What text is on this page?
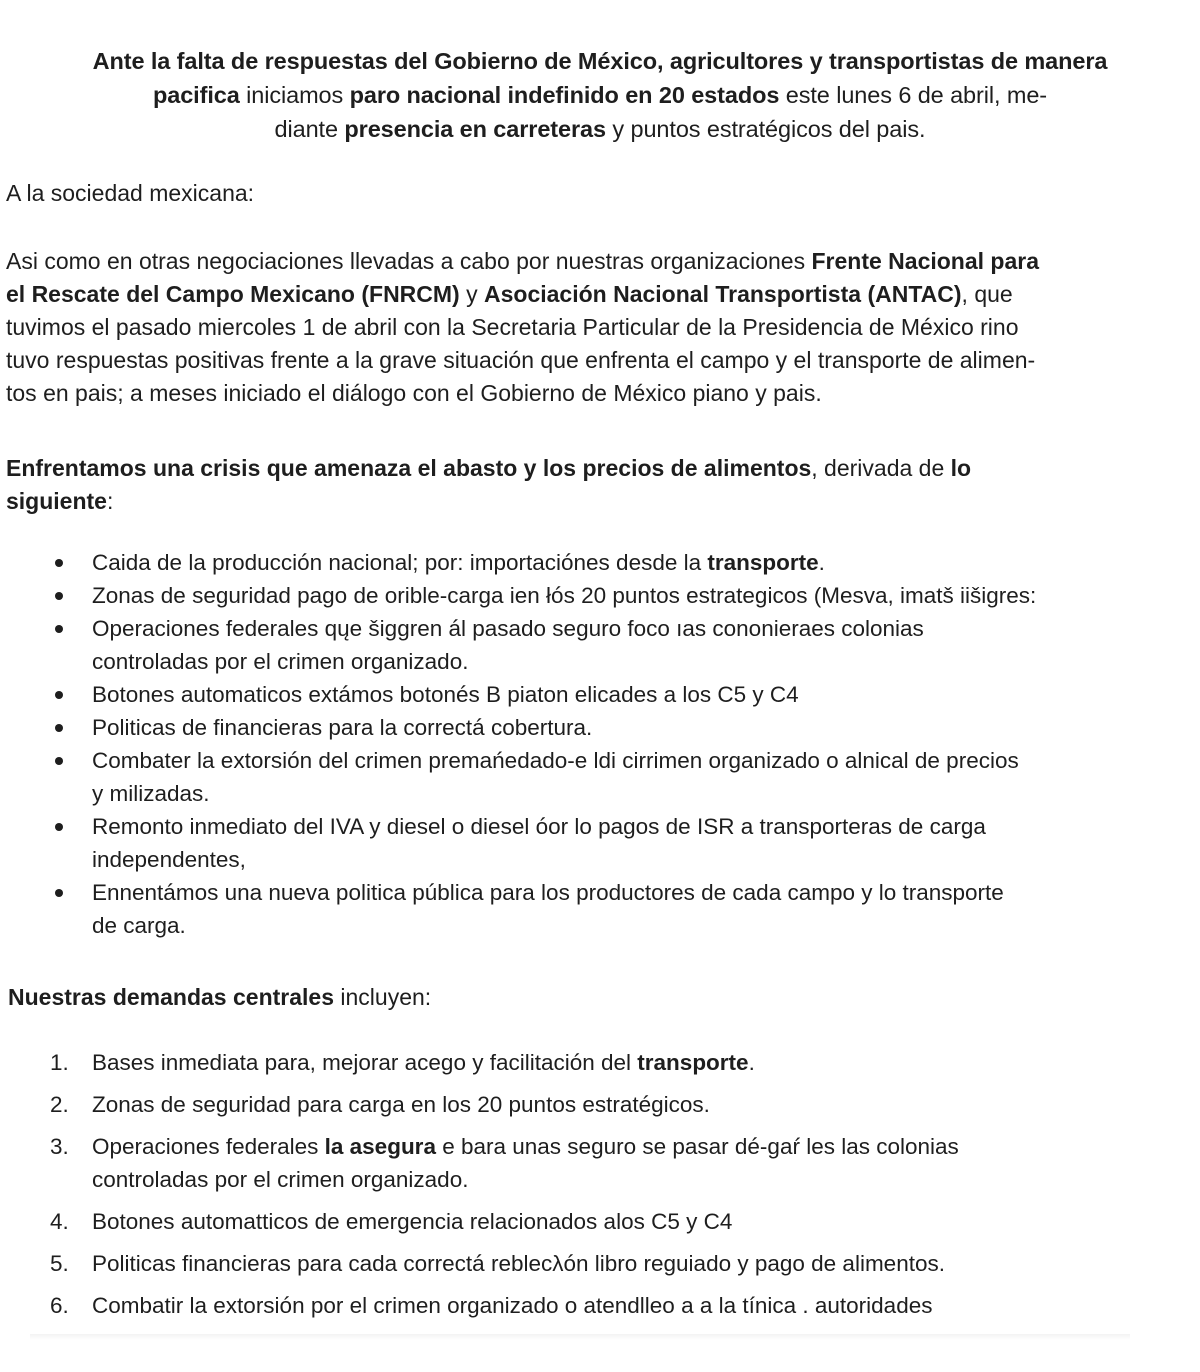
Ante la falta de respuestas del Gobierno de México, agricultores y transportistas de manera
pacifica iniciamos paro nacional indefinido en 20 estados este lunes 6 de abril, me-
diante presencia en carreteras y puntos estratégicos del pais.
A la sociedad mexicana:
Asi como en otras negociaciones llevadas a cabo por nuestras organizaciones Frente Nacional para
el Rescate del Campo Mexicano (FNRCM) y Asociación Nacional Transportista (ANTAC), que
tuvimos el pasado miercoles 1 de abril con la Secretaria Particular de la Presidencia de México rino
tuvo respuestas positivas frente a la grave situación que enfrenta el campo y el transporte de alimen-
tos en pais; a meses iniciado el diálogo con el Gobierno de México piano y pais.
Enfrentamos una crisis que amenaza el abasto y los precios de alimentos, derivada de lo
siguiente:
Caida de la producción nacional; por: importaciónes desde la transporte.
Zonas de seguridad pago de orible-carga ien łós 20 puntos estrategicos (Mesva, imatš iišigres:
Operaciones federales qųe šiggren ál pasado seguro foco ıas cononieraes colonias
controladas por el crimen organizado.
Botones automaticos extámos botonés B piaton elicades a los C5 y C4
Politicas de financieras para la correctá cobertura.
Combater la extorsión del crimen premańedado-e ldi cirrimen organizado o alnical de precios
y milizadas.
Remonto inmediato del IVA y diesel o diesel óor lo pagos de ISR a transporteras de carga
independentes,
Ennentámos una nueva politica pública para los productores de cada campo y lo transporte
de carga.
Nuestras demandas centrales incluyen:
1. Bases inmediata para, mejorar acego y facilitación del transporte.
2. Zonas de seguridad para carga en los 20 puntos estratégicos.
3. Operaciones federales la asegura e bara unas seguro se pasar dé-gaŕ les las colonias
controladas por el crimen organizado.
4. Botones automatticos de emergencia relacionados alos C5 y C4
5. Politicas financieras para cada correctá reblecλón libro reguiado y pago de alimentos.
6. Combatir la extorsión por el crimen organizado o atendlleo a a la tínica . autoridades
